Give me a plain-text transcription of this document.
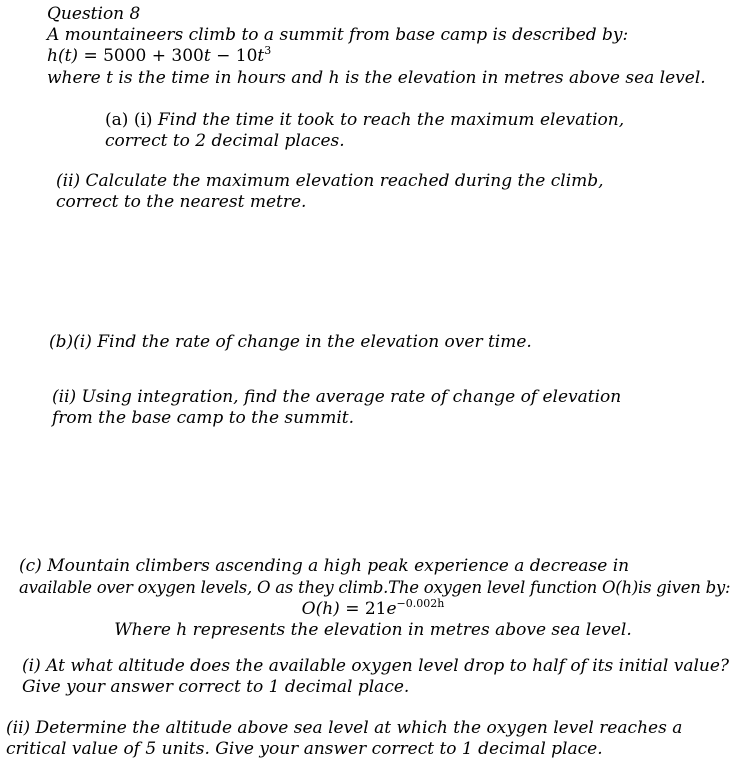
Question 8
A mountaineers climb to a summit from base camp is described by:
$h(t) = 5000 + 300t - 10t^3$
where t is the time in hours and h is the elevation in metres above sea level.
(a) (i) Find the time it took to reach the maximum elevation,
correct to 2 decimal places.
(ii) Calculate the maximum elevation reached during the climb,
correct to the nearest metre.
(b)(i) Find the rate of change in the elevation over time.
(ii) Using integration, find the average rate of change of elevation
from the base camp to the summit.
(c) Mountain climbers ascending a high peak experience a decrease in
available over oxygen levels, O as they climb.The oxygen level function O(h)is given by:
$O(h) = 21e^{-0.002h}$
Where h represents the elevation in metres above sea level.
(i) At what altitude does the available oxygen level drop to half of its initial value?
Give your answer correct to 1 decimal place.
(ii) Determine the altitude above sea level at which the oxygen level reaches a
critical value of 5 units. Give your answer correct to 1 decimal place.
